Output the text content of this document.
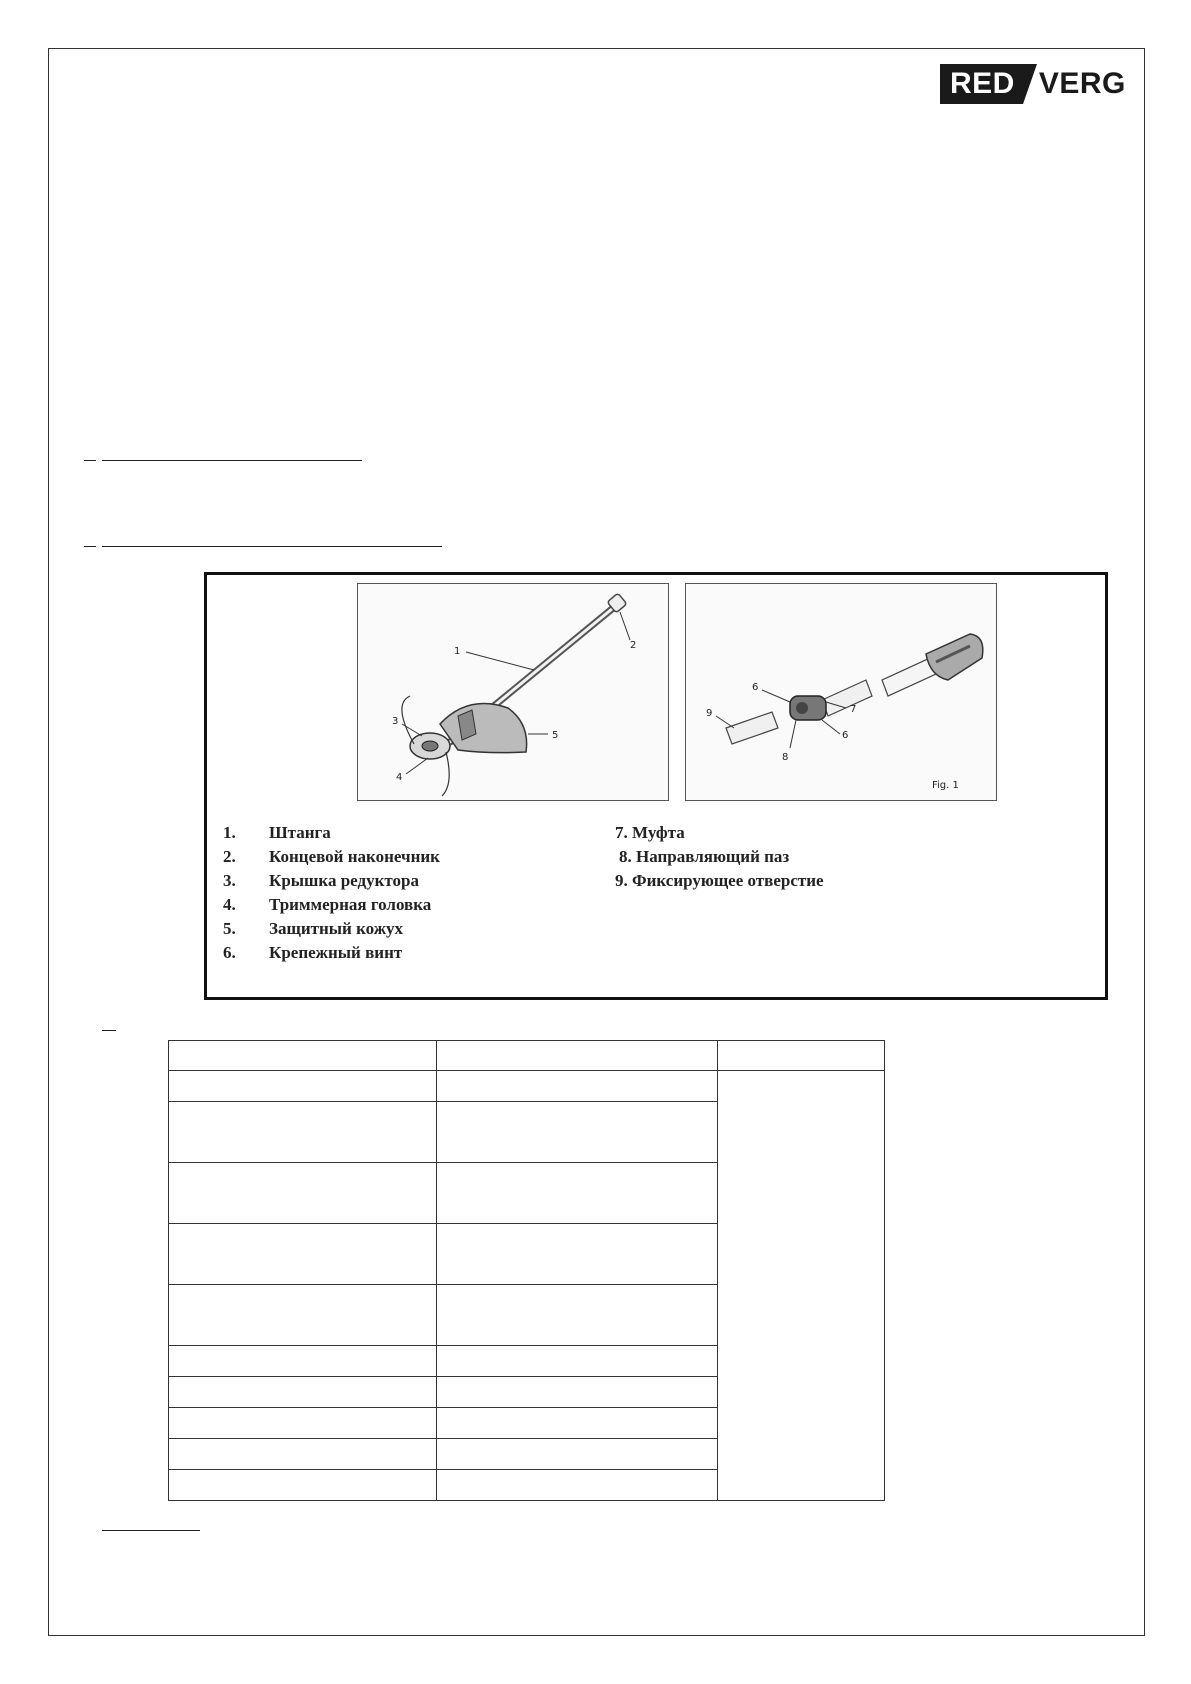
RED VERG
1
2
3
4
5
9
6
7
6
8
Fig. 1
1.	Штанга
2.	Концевой наконечник
3.	Крышка редуктора
4.	Триммерная головка
5.	Защитный кожух
6.	Крепежный винт
7. Муфта
8. Направляющий паз
9. Фиксирующее отверстие
